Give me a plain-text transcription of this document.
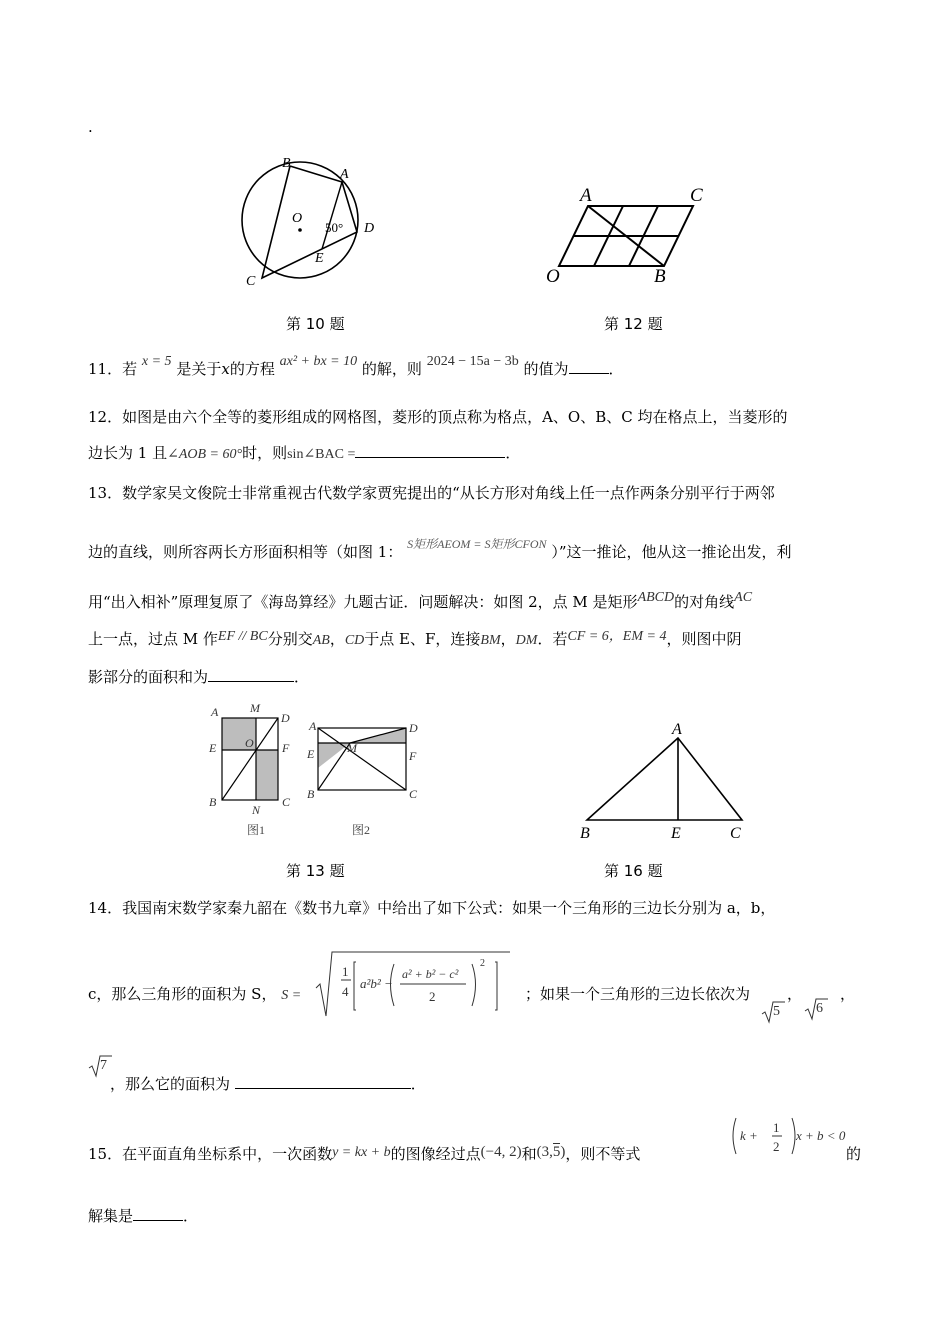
.
B
A
O
50° D
E
C
A	C
O	B
第 10 题	第 12 题
11．若 x = 5 是关于x的方程 ax² + bx = 10 的解，则 2024 − 15a − 3b 的值为	．
12．如图是由六个全等的菱形组成的网格图，菱形的顶点称为格点，A、O、B、C 均在格点上，当菱形的
边长为 1 且∠AOB = 60°时，则sin∠BAC =	．
13．数学家吴文俊院士非常重视古代数学家贾宪提出的“从长方形对角线上任一点作两条分别平行于两邻
边的直线，则所容两长方形面积相等（如图 1： $^{S矩形AEOM = S矩形CFON}$ ）”这一推论，他从这一推论出发，利
用“出入相补”原理复原了《海岛算经》九题古证．问题解决：如图 2，点 M 是矩形ABCD的对角线AC
上一点，过点 M 作EF // BC分别交AB，CD于点 E、F，连接BM，DM．若CF = 6，EM = 4，则图中阴
影部分的面积和为	．
A	M
D
E O F
B
N
C
图1
A	D
E	M
F
B	C
图2
A
B	E	C
第 13 题	第 16 题
14．我国南宋数学家秦九韶在《数书九章》中给出了如下公式：如果一个三角形的三边长分别为 a，b，
c，那么三角形的面积为 S， S =
1
4
a²b² −
a² + b² − c²
2
2
；如果一个三角形的三边长依次为 ，	，
5	6
7
，那么它的面积为	．
15．在平面直角坐标系中，一次函数y = kx + b的图像经过点(−4, 2)和(3,5)，则不等式
k +
1
2
x + b < 0
的
解集是	．
